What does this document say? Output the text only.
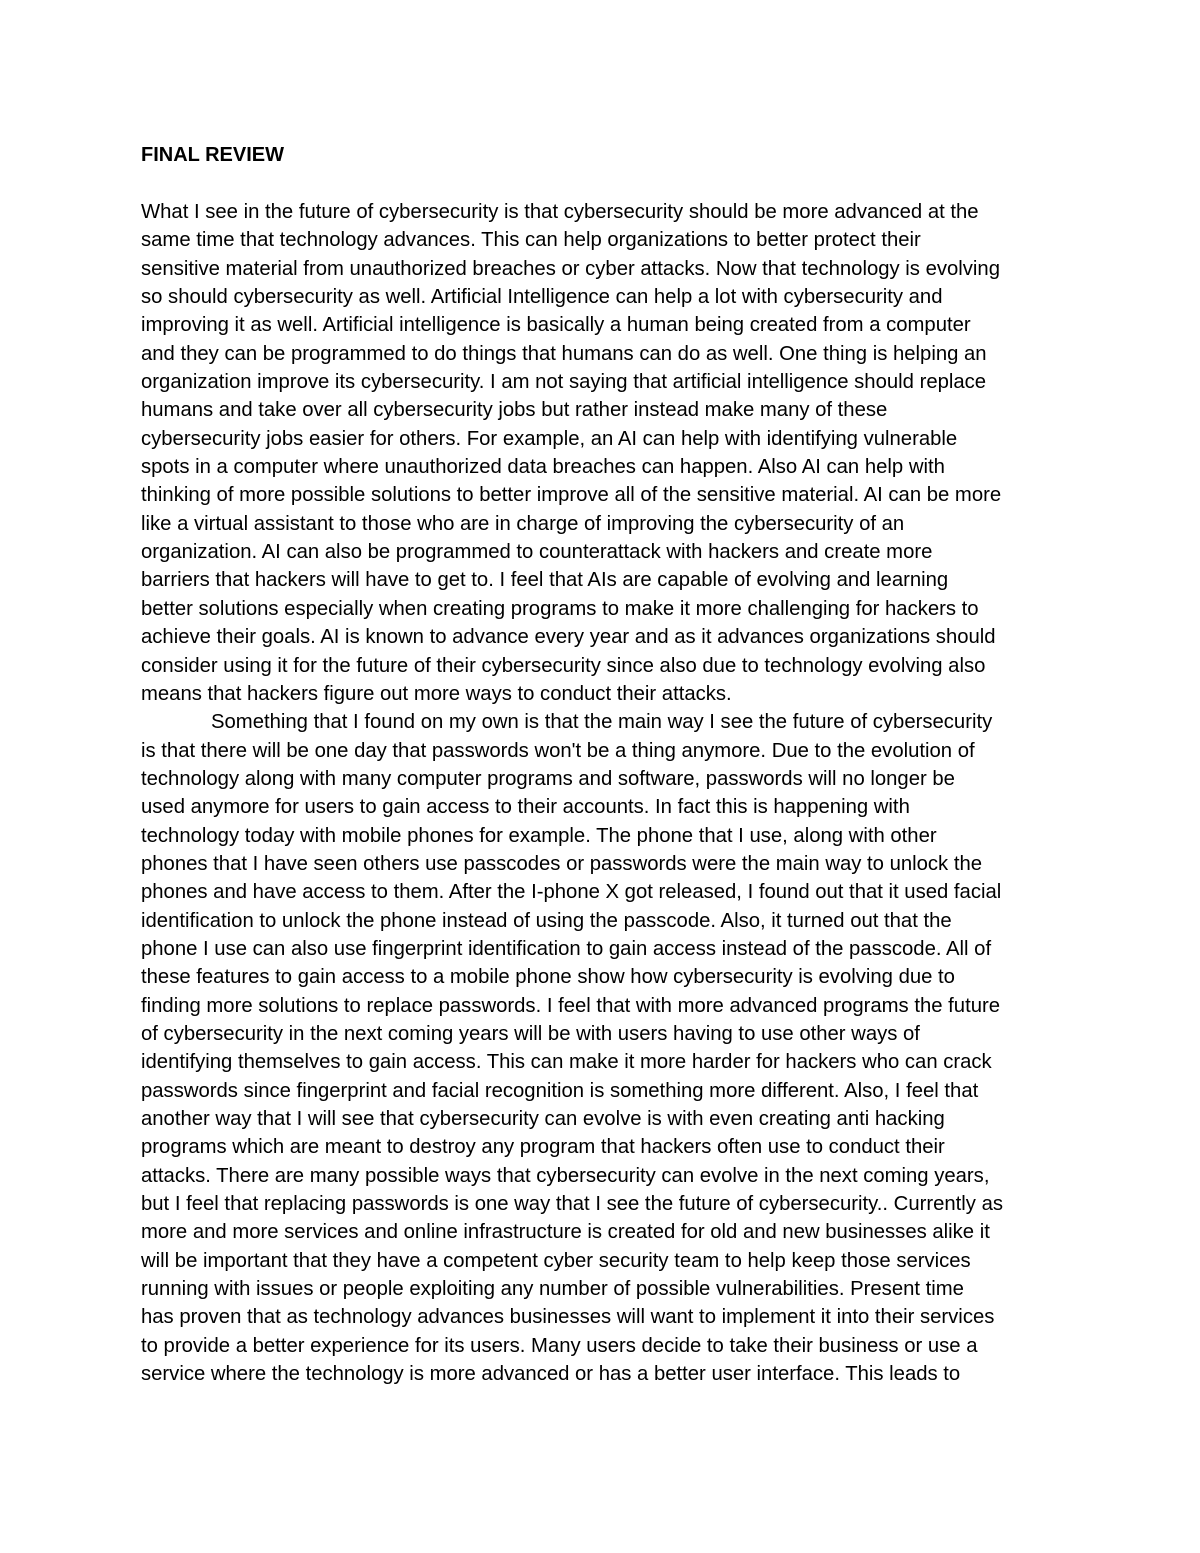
FINAL REVIEW
What I see in the future of cybersecurity is that cybersecurity should be more advanced at the
same time that technology advances. This can help organizations to better protect their
sensitive material from unauthorized breaches or cyber attacks. Now that technology is evolving
so should cybersecurity as well. Artificial Intelligence can help a lot with cybersecurity and
improving it as well. Artificial intelligence is basically a human being created from a computer
and they can be programmed to do things that humans can do as well. One thing is helping an
organization improve its cybersecurity. I am not saying that artificial intelligence should replace
humans and take over all cybersecurity jobs but rather instead make many of these
cybersecurity jobs easier for others. For example, an AI can help with identifying vulnerable
spots in a computer where unauthorized data breaches can happen. Also AI can help with
thinking of more possible solutions to better improve all of the sensitive material. AI can be more
like a virtual assistant to those who are in charge of improving the cybersecurity of an
organization. AI can also be programmed to counterattack with hackers and create more
barriers that hackers will have to get to. I feel that AIs are capable of evolving and learning
better solutions especially when creating programs to make it more challenging for hackers to
achieve their goals. AI is known to advance every year and as it advances organizations should
consider using it for the future of their cybersecurity since also due to technology evolving also
means that hackers figure out more ways to conduct their attacks.
Something that I found on my own is that the main way I see the future of cybersecurity
is that there will be one day that passwords won't be a thing anymore. Due to the evolution of
technology along with many computer programs and software, passwords will no longer be
used anymore for users to gain access to their accounts. In fact this is happening with
technology today with mobile phones for example. The phone that I use, along with other
phones that I have seen others use passcodes or passwords were the main way to unlock the
phones and have access to them. After the I-phone X got released, I found out that it used facial
identification to unlock the phone instead of using the passcode. Also, it turned out that the
phone I use can also use fingerprint identification to gain access instead of the passcode. All of
these features to gain access to a mobile phone show how cybersecurity is evolving due to
finding more solutions to replace passwords. I feel that with more advanced programs the future
of cybersecurity in the next coming years will be with users having to use other ways of
identifying themselves to gain access. This can make it more harder for hackers who can crack
passwords since fingerprint and facial recognition is something more different. Also, I feel that
another way that I will see that cybersecurity can evolve is with even creating anti hacking
programs which are meant to destroy any program that hackers often use to conduct their
attacks. There are many possible ways that cybersecurity can evolve in the next coming years,
but I feel that replacing passwords is one way that I see the future of cybersecurity.. Currently as
more and more services and online infrastructure is created for old and new businesses alike it
will be important that they have a competent cyber security team to help keep those services
running with issues or people exploiting any number of possible vulnerabilities. Present time
has proven that as technology advances businesses will want to implement it into their services
to provide a better experience for its users. Many users decide to take their business or use a
service where the technology is more advanced or has a better user interface. This leads to
